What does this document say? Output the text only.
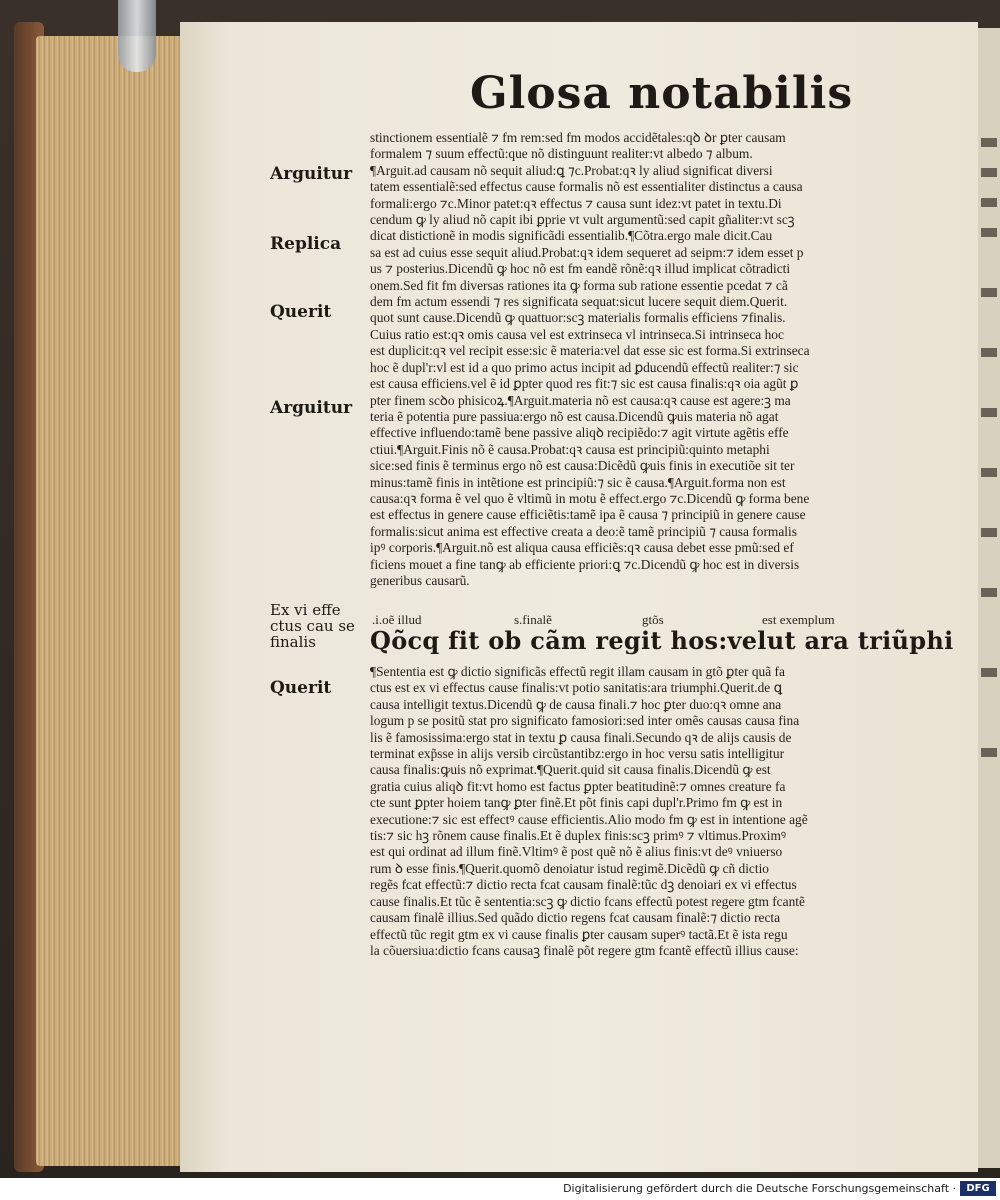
Glosa notabilis
Arguitur
Replica
Querit
Arguitur
Ex vi effe ctus cau se finalis
Querit
stinctionem essentialẽ ⁊ fm rem:sed fm modos accidẽtales:qꝺ ꝺr ꝑter causam
formalem ⁊ suum effectũ:que nõ distinguunt realiter:vt albedo ⁊ album.
¶Arguit.ad causam nõ sequit aliud:ꝗ ⁊c.Probat:qꝛ ly aliud significat diversi
tatem essentialẽ:sed effectus cause formalis nõ est essentialiter distinctus a causa
formali:ergo ⁊c.Minor patet:qꝛ effectus ⁊ causa sunt idez:vt patet in textu.Di
cendum ꝙ ly aliud nõ capit ibi ꝑprie vt vult argumentũ:sed capit gñaliter:vt scꝫ
dicat distictionẽ in modis significãdi essentialib.¶Cõtra.ergo male dicit.Cau
sa est ad cuius esse sequit aliud.Probat:qꝛ idem sequeret ad seipm:⁊ idem esset p
us ⁊ posterius.Dicendũ ꝙ hoc nõ est fm eandẽ rõnẽ:qꝛ illud implicat cõtradicti
onem.Sed fit fm diversas rationes ita ꝙ forma sub ratione essentie pcedat ⁊ cã
dem fm actum essendi ⁊ res significata sequat:sicut lucere sequit diem.Querit.
quot sunt cause.Dicendũ ꝙ quattuor:scꝫ materialis formalis efficiens ⁊finalis.
Cuius ratio est:qꝛ omis causa vel est extrinseca vl intrinseca.Si intrinseca hoc
est duplicit:qꝛ vel recipit esse:sic ẽ materia:vel dat esse sic est forma.Si extrinseca
hoc ẽ dupl'r:vl est id a quo primo actus incipit ad ꝑducendũ effectũ realiter:⁊ sic
est causa efficiens.vel ẽ id ꝑpter quod res fit:⁊ sic est causa finalis:qꝛ oia agũt ꝑ
pter finem scꝺo phisicoꝝ.¶Arguit.materia nõ est causa:qꝛ cause est agere:ꝫ ma
teria ẽ potentia pure passiua:ergo nõ est causa.Dicendũ ꝙuis materia nõ agat
effective influendo:tamẽ bene passive aliqꝺ recipiẽdo:⁊ agit virtute agẽtis effe
ctiui.¶Arguit.Finis nõ ẽ causa.Probat:qꝛ causa est principiũ:quinto metaphi
sice:sed finis ẽ terminus ergo nõ est causa:Dicẽdũ ꝙuis finis in executiõe sit ter
minus:tamẽ finis in intẽtione est principiũ:⁊ sic ẽ causa.¶Arguit.forma non est
causa:qꝛ forma ẽ vel quo ẽ vltimũ in motu ẽ effect.ergo ⁊c.Dicendũ ꝙ forma bene
est effectus in genere cause efficiẽtis:tamẽ ipa ẽ causa ⁊ principiũ in genere cause
formalis:sicut anima est effective creata a deo:ẽ tamẽ principiũ ⁊ causa formalis
ipꝰ corporis.¶Arguit.nõ est aliqua causa efficiẽs:qꝛ causa debet esse pmũ:sed ef
ficiens mouet a fine tanꝙ ab efficiente priori:ꝗ ⁊c.Dicendũ ꝙ hoc est in diversis
generibus causarũ.
.i.oẽ illud	s.finalẽ	gtõs	est exemplum
Qõcq fit ob cãm regit hos:velut ara triũphi
¶Sententia est ꝙ dictio significãs effectũ regit illam causam in gtõ ꝑter quã fa
ctus est ex vi effectus cause finalis:vt potio sanitatis:ara triumphi.Querit.de ꝗ
causa intelligit textus.Dicendũ ꝙ de causa finali.⁊ hoc ꝑter duo:qꝛ omne ana
logum p se positũ stat pro significato famosiori:sed inter omẽs causas causa fina
lis ẽ famosissima:ergo stat in textu ꝑ causa finali.Secundo qꝛ de alijs causis de
terminat exp̃sse in alijs versib circũstantibz:ergo in hoc versu satis intelligitur
causa finalis:ꝙuis nõ exprimat.¶Querit.quid sit causa finalis.Dicendũ ꝙ est
gratia cuius aliqꝺ fit:vt homo est factus ꝑpter beatitudinẽ:⁊ omnes creature fa
cte sunt ꝑpter hoiem tanꝙ ꝑter finẽ.Et põt finis capi dupl'r.Primo fm ꝙ est in
executione:⁊ sic est effectꝰ cause efficientis.Alio modo fm ꝙ est in intentione agẽ
tis:⁊ sic hꝫ rõnem cause finalis.Et ẽ duplex finis:scꝫ primꝰ ⁊ vltimus.Proximꝰ
est qui ordinat ad illum finẽ.Vltimꝰ ẽ post quẽ nõ ẽ alius finis:vt deꝰ vniuerso
rum ꝺ esse finis.¶Querit.quomõ denoiatur istud regimẽ.Dicẽdũ ꝙ cñ dictio
regẽs fcat effectũ:⁊ dictio recta fcat causam finalẽ:tũc dꝫ denoiari ex vi effectus
cause finalis.Et tũc ẽ sententia:scꝫ ꝙ dictio fcans effectũ potest regere gtm fcantẽ
causam finalẽ illius.Sed quãdo dictio regens fcat causam finalẽ:⁊ dictio recta
effectũ tũc regit gtm ex vi cause finalis ꝑter causam superꝰ tactã.Et ẽ ista regu
la cõuersiua:dictio fcans causaꝫ finalẽ põt regere gtm fcantẽ effectũ illius cause:
Digitalisierung gefördert durch die Deutsche Forschungsgemeinschaft ·	DFG
